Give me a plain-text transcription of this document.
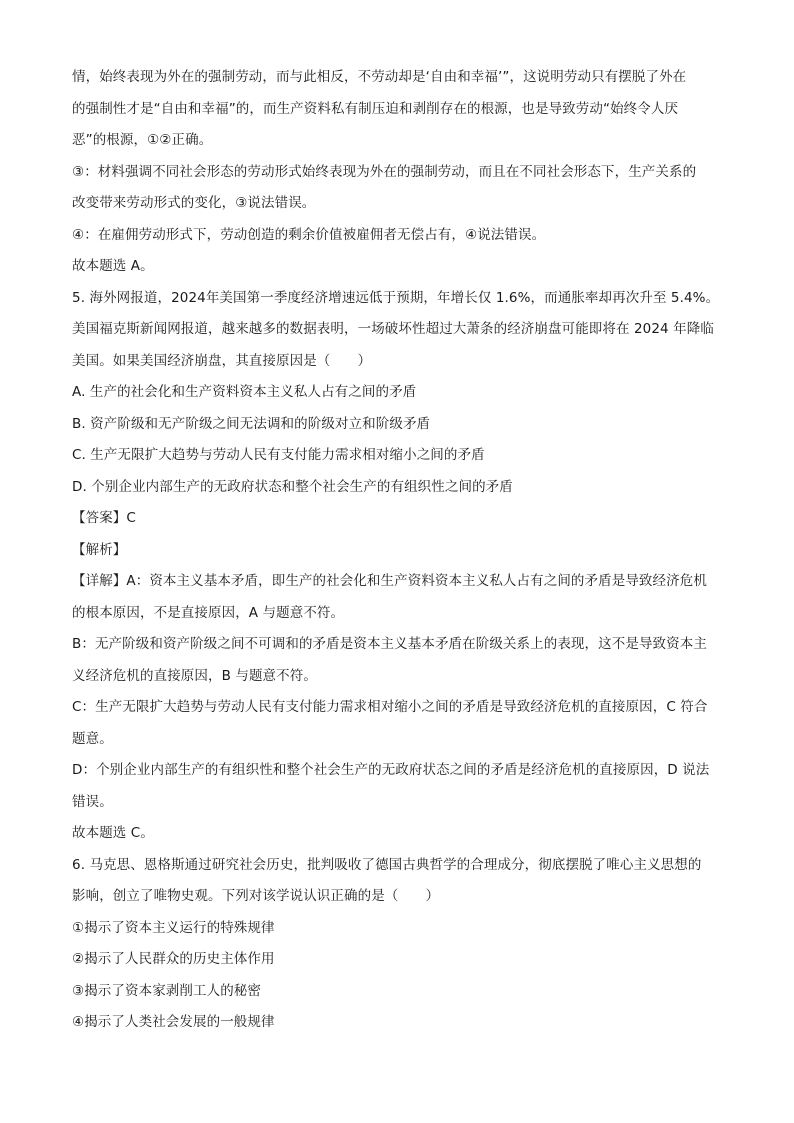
情，始终表现为外在的强制劳动，而与此相反，不劳动却是‘自由和幸福’”，这说明劳动只有摆脱了外在
的强制性才是“自由和幸福”的，而生产资料私有制压迫和剥削存在的根源，也是导致劳动“始终令人厌
恶”的根源，①②正确。
③：材料强调不同社会形态的劳动形式始终表现为外在的强制劳动，而且在不同社会形态下，生产关系的
改变带来劳动形式的变化，③说法错误。
④：在雇佣劳动形式下，劳动创造的剩余价值被雇佣者无偿占有，④说法错误。
故本题选 A。
5. 海外网报道，2024年美国第一季度经济增速远低于预期，年增长仅 1.6%，而通胀率却再次升至 5.4%。
美国福克斯新闻网报道，越来越多的数据表明，一场破坏性超过大萧条的经济崩盘可能即将在 2024 年降临
美国。如果美国经济崩盘，其直接原因是（　　）
A. 生产的社会化和生产资料资本主义私人占有之间的矛盾
B. 资产阶级和无产阶级之间无法调和的阶级对立和阶级矛盾
C. 生产无限扩大趋势与劳动人民有支付能力需求相对缩小之间的矛盾
D. 个别企业内部生产的无政府状态和整个社会生产的有组织性之间的矛盾
【答案】C
【解析】
【详解】A：资本主义基本矛盾，即生产的社会化和生产资料资本主义私人占有之间的矛盾是导致经济危机
的根本原因，不是直接原因，A 与题意不符。
B：无产阶级和资产阶级之间不可调和的矛盾是资本主义基本矛盾在阶级关系上的表现，这不是导致资本主
义经济危机的直接原因，B 与题意不符。
C：生产无限扩大趋势与劳动人民有支付能力需求相对缩小之间的矛盾是导致经济危机的直接原因，C 符合
题意。
D：个别企业内部生产的有组织性和整个社会生产的无政府状态之间的矛盾是经济危机的直接原因，D 说法
错误。
故本题选 C。
6. 马克思、恩格斯通过研究社会历史，批判吸收了德国古典哲学的合理成分，彻底摆脱了唯心主义思想的
影响，创立了唯物史观。下列对该学说认识正确的是（　　）
①揭示了资本主义运行的特殊规律
②揭示了人民群众的历史主体作用
③揭示了资本家剥削工人的秘密
④揭示了人类社会发展的一般规律
